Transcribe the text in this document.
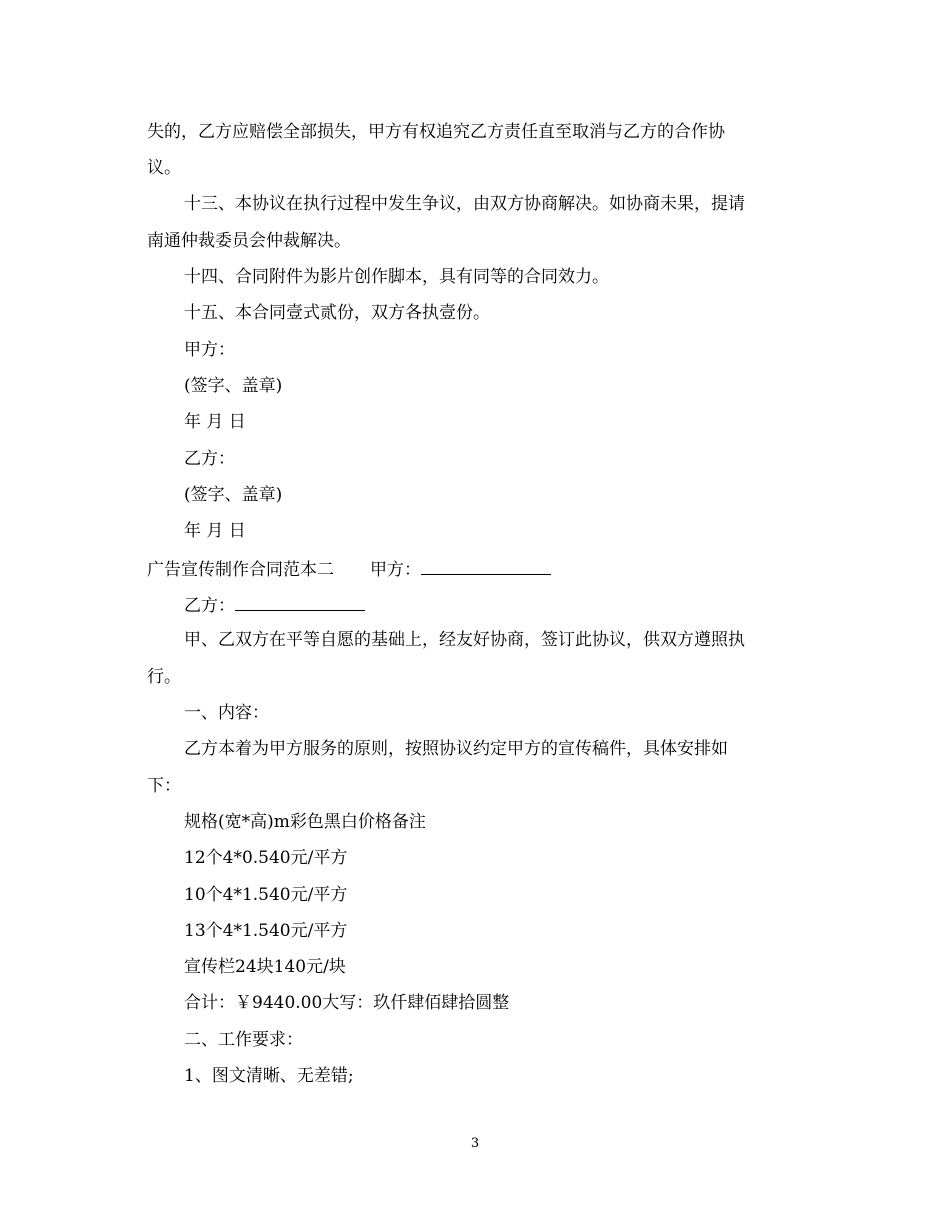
失的，乙方应赔偿全部损失，甲方有权追究乙方责任直至取消与乙方的合作协
议。
十三、本协议在执行过程中发生争议，由双方协商解决。如协商未果，提请
南通仲裁委员会仲裁解决。
十四、合同附件为影片创作脚本，具有同等的合同效力。
十五、本合同壹式贰份，双方各执壹份。
甲方：
(签字、盖章)
年 月 日
乙方：
(签字、盖章)
年 月 日
广告宣传制作合同范本二 甲方：
乙方：
甲、乙双方在平等自愿的基础上，经友好协商，签订此协议，供双方遵照执
行。
一、内容：
乙方本着为甲方服务的原则，按照协议约定甲方的宣传稿件，具体安排如
下：
规格(宽*高)m彩色黑白价格备注
12个4*0.540元/平方
10个4*1.540元/平方
13个4*1.540元/平方
宣传栏24块140元/块
合计：￥9440.00大写：玖仟肆佰肆拾圆整
二、工作要求：
1、图文清晰、无差错;
3
